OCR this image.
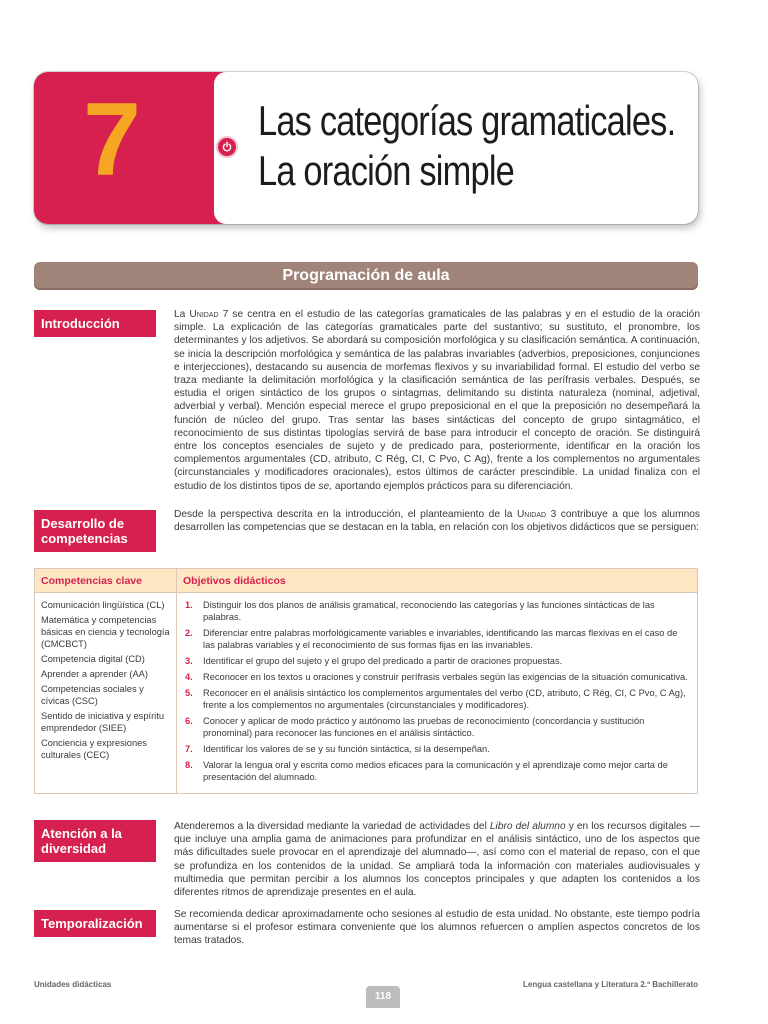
7	Las categorías gramaticales.
La oración simple
Programación de aula
Introducción
La Unidad 7 se centra en el estudio de las categorías gramaticales de las palabras y en el estudio de la oración simple. La explicación de las categorías gramaticales parte del sustantivo; su sustituto, el pronombre, los determinantes y los adjetivos. Se abordará su composición morfológica y su clasificación semántica. A continuación, se inicia la descripción morfológica y semántica de las palabras invariables (adverbios, preposiciones, conjunciones e interjecciones), destacando su ausencia de morfemas flexivos y su invariabilidad formal. El estudio del verbo se traza mediante la delimitación morfológica y la clasificación semántica de las perífrasis verbales. Después, se estudia el origen sintáctico de los grupos o sintagmas, delimitando su distinta naturaleza (nominal, adjetival, adverbial y verbal). Mención especial merece el grupo preposicional en el que la preposición no desempeñará la función de núcleo del grupo. Tras sentar las bases sintácticas del concepto de grupo sintagmático, el reconocimiento de sus distintas tipologías servirá de base para introducir el concepto de oración. Se distinguirá entre los conceptos esenciales de sujeto y de predicado para, posteriormente, identificar en la oración los complementos argumentales (CD, atributo, C Rég, CI, C Pvo, C Ag), frente a los complementos no argumentales (circunstanciales y modificadores oracionales), estos últimos de carácter prescindible. La unidad finaliza con el estudio de los distintos tipos de se, aportando ejemplos prácticos para su diferenciación.
Desarrollo de competencias
Desde la perspectiva descrita en la introducción, el planteamiento de la Unidad 3 contribuye a que los alumnos desarrollen las competencias que se destacan en la tabla, en relación con los objetivos didácticos que se persiguen:
Competencias clave	Objetivos didácticos
Comunicación lingüística (CL)
Matemática y competencias básicas en ciencia y tecnología (CMCBCT)
Competencia digital (CD)
Aprender a aprender (AA)
Competencias sociales y cívicas (CSC)
Sentido de iniciativa y espíritu emprendedor (SIEE)
Conciencia y expresiones culturales (CEC)
1. Distinguir los dos planos de análisis gramatical, reconociendo las categorías y las funciones sintácticas de las palabras.
2. Diferenciar entre palabras morfológicamente variables e invariables, identificando las marcas flexivas en el caso de las palabras variables y el reconocimiento de sus formas fijas en las invariables.
3. Identificar el grupo del sujeto y el grupo del predicado a partir de oraciones propuestas.
4. Reconocer en los textos u oraciones y construir perífrasis verbales según las exigencias de la situación comunicativa.
5. Reconocer en el análisis sintáctico los complementos argumentales del verbo (CD, atributo, C Rég, CI, C Pvo, C Ag), frente a los complementos no argumentales (circunstanciales y modificadores).
6. Conocer y aplicar de modo práctico y autónomo las pruebas de reconocimiento (concordancia y sustitución pronominal) para reconocer las funciones en el análisis sintáctico.
7. Identificar los valores de se y su función sintáctica, si la desempeñan.
8. Valorar la lengua oral y escrita como medios eficaces para la comunicación y el aprendizaje como mejor carta de presentación del alumnado.
Atención a la diversidad
Atenderemos a la diversidad mediante la variedad de actividades del Libro del alumno y en los recursos digitales —que incluye una amplia gama de animaciones para profundizar en el análisis sintáctico, uno de los aspectos que más dificultades suele provocar en el aprendizaje del alumnado—, así como con el material de repaso, con el que se profundiza en los contenidos de la unidad. Se ampliará toda la información con materiales audiovisuales y multimedia que permitan percibir a los alumnos los conceptos principales y que adapten los contenidos a los diferentes ritmos de aprendizaje presentes en el aula.
Temporalización
Se recomienda dedicar aproximadamente ocho sesiones al estudio de esta unidad. No obstante, este tiempo podría aumentarse si el profesor estimara conveniente que los alumnos refuercen o amplíen aspectos concretos de los temas tratados.
Unidades didácticas	Lengua castellana y Literatura 2.º Bachillerato
118
